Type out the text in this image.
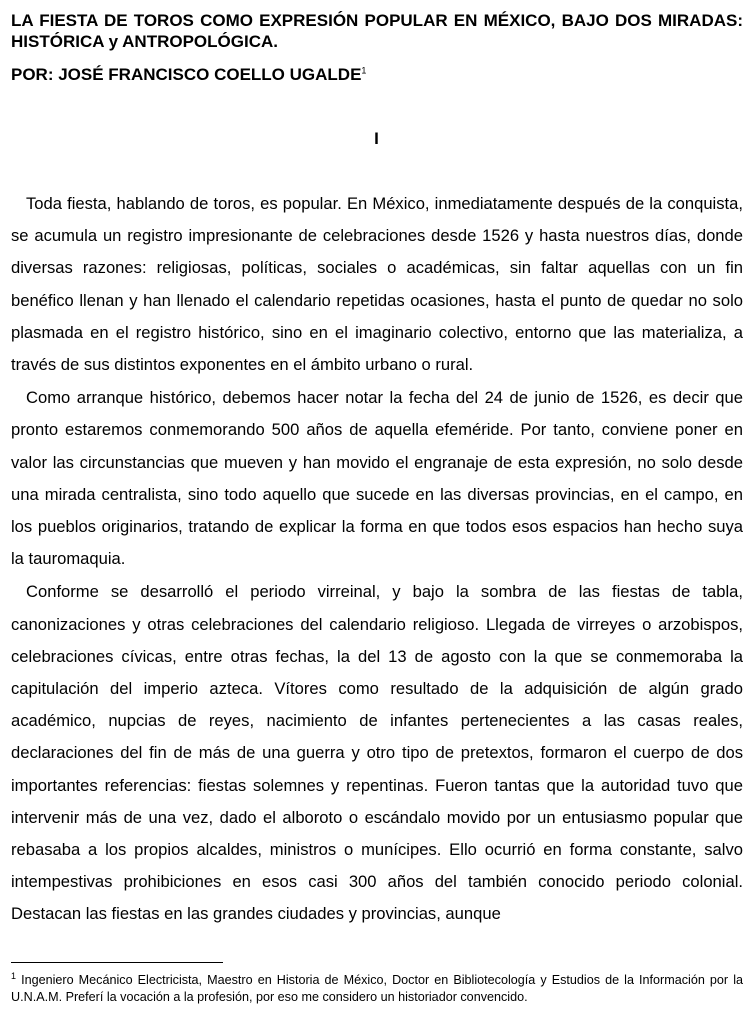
LA FIESTA DE TOROS COMO EXPRESIÓN POPULAR EN MÉXICO, BAJO DOS MIRADAS: HISTÓRICA y ANTROPOLÓGICA.

POR: JOSÉ FRANCISCO COELLO UGALDE$^1$

I

Toda fiesta, hablando de toros, es popular. En México, inmediatamente después de la conquista, se acumula un registro impresionante de celebraciones desde 1526 y hasta nuestros días, donde diversas razones: religiosas, políticas, sociales o académicas, sin faltar aquellas con un fin benéfico llenan y han llenado el calendario repetidas ocasiones, hasta el punto de quedar no solo plasmada en el registro histórico, sino en el imaginario colectivo, entorno que las materializa, a través de sus distintos exponentes en el ámbito urbano o rural.

Como arranque histórico, debemos hacer notar la fecha del 24 de junio de 1526, es decir que pronto estaremos conmemorando 500 años de aquella efeméride. Por tanto, conviene poner en valor las circunstancias que mueven y han movido el engranaje de esta expresión, no solo desde una mirada centralista, sino todo aquello que sucede en las diversas provincias, en el campo, en los pueblos originarios, tratando de explicar la forma en que todos esos espacios han hecho suya la tauromaquia.

Conforme se desarrolló el periodo virreinal, y bajo la sombra de las fiestas de tabla, canonizaciones y otras celebraciones del calendario religioso. Llegada de virreyes o arzobispos, celebraciones cívicas, entre otras fechas, la del 13 de agosto con la que se conmemoraba la capitulación del imperio azteca. Vítores como resultado de la adquisición de algún grado académico, nupcias de reyes, nacimiento de infantes pertenecientes a las casas reales, declaraciones del fin de más de una guerra y otro tipo de pretextos, formaron el cuerpo de dos importantes referencias: fiestas solemnes y repentinas. Fueron tantas que la autoridad tuvo que intervenir más de una vez, dado el alboroto o escándalo movido por un entusiasmo popular que rebasaba a los propios alcaldes, ministros o munícipes. Ello ocurrió en forma constante, salvo intempestivas prohibiciones en esos casi 300 años del también conocido periodo colonial. Destacan las fiestas en las grandes ciudades y provincias, aunque

$^1$ Ingeniero Mecánico Electricista, Maestro en Historia de México, Doctor en Bibliotecología y Estudios de la Información por la U.N.A.M. Preferí la vocación a la profesión, por eso me considero un historiador convencido.
